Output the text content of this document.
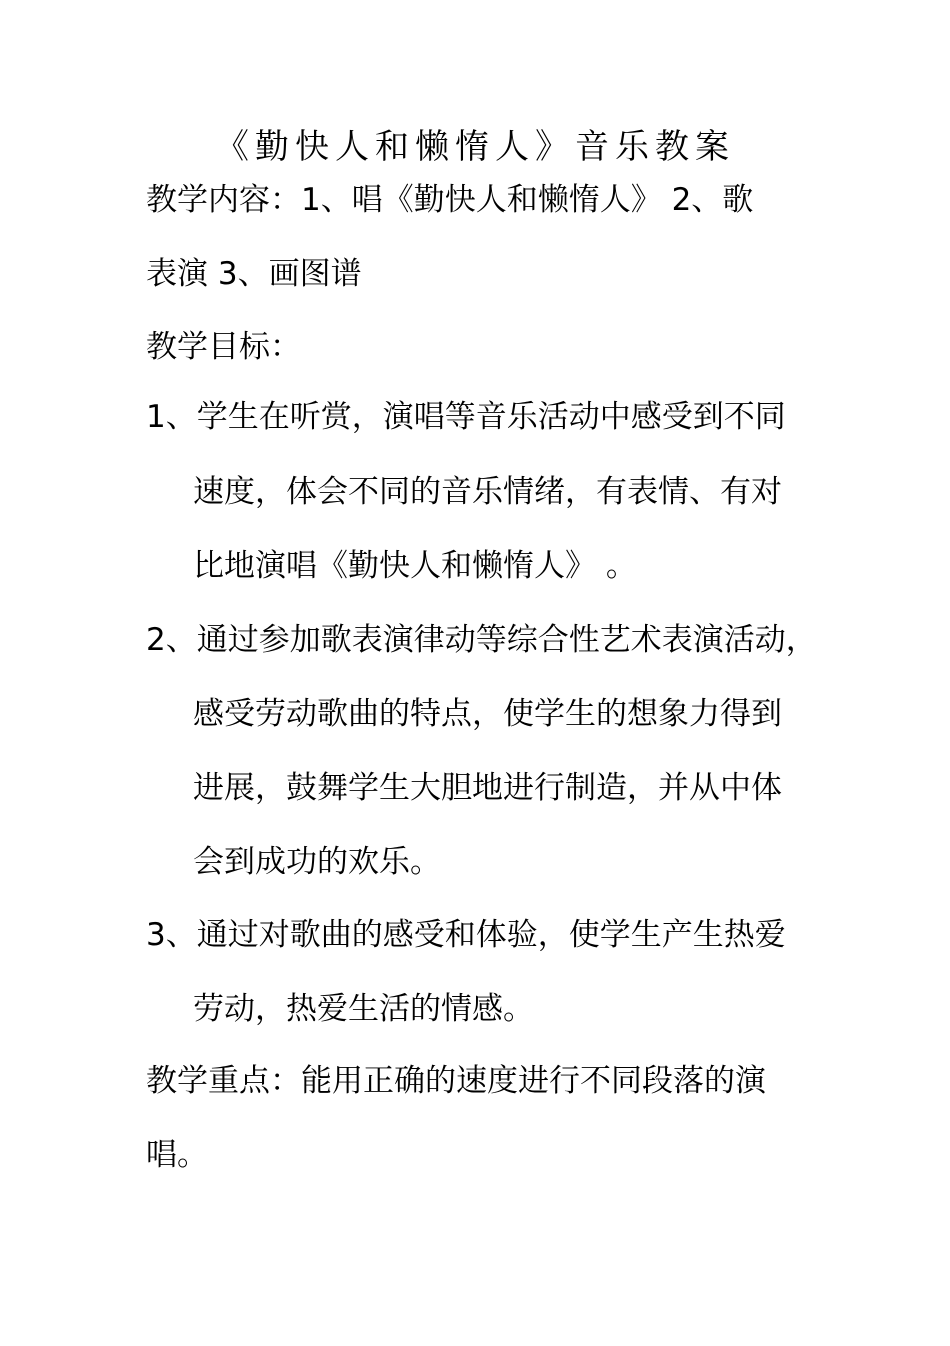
《勤快人和懒惰人》音乐教案
教学内容：1、唱《勤快人和懒惰人》 2、歌
表演 3、画图谱
教学目标：
1、学生在听赏，演唱等音乐活动中感受到不同
速度，体会不同的音乐情绪，有表情、有对
比地演唱《勤快人和懒惰人》 。
2、通过参加歌表演律动等综合性艺术表演活动，
感受劳动歌曲的特点，使学生的想象力得到
进展，鼓舞学生大胆地进行制造，并从中体
会到成功的欢乐。
3、通过对歌曲的感受和体验，使学生产生热爱
劳动，热爱生活的情感。
教学重点：能用正确的速度进行不同段落的演
唱。
